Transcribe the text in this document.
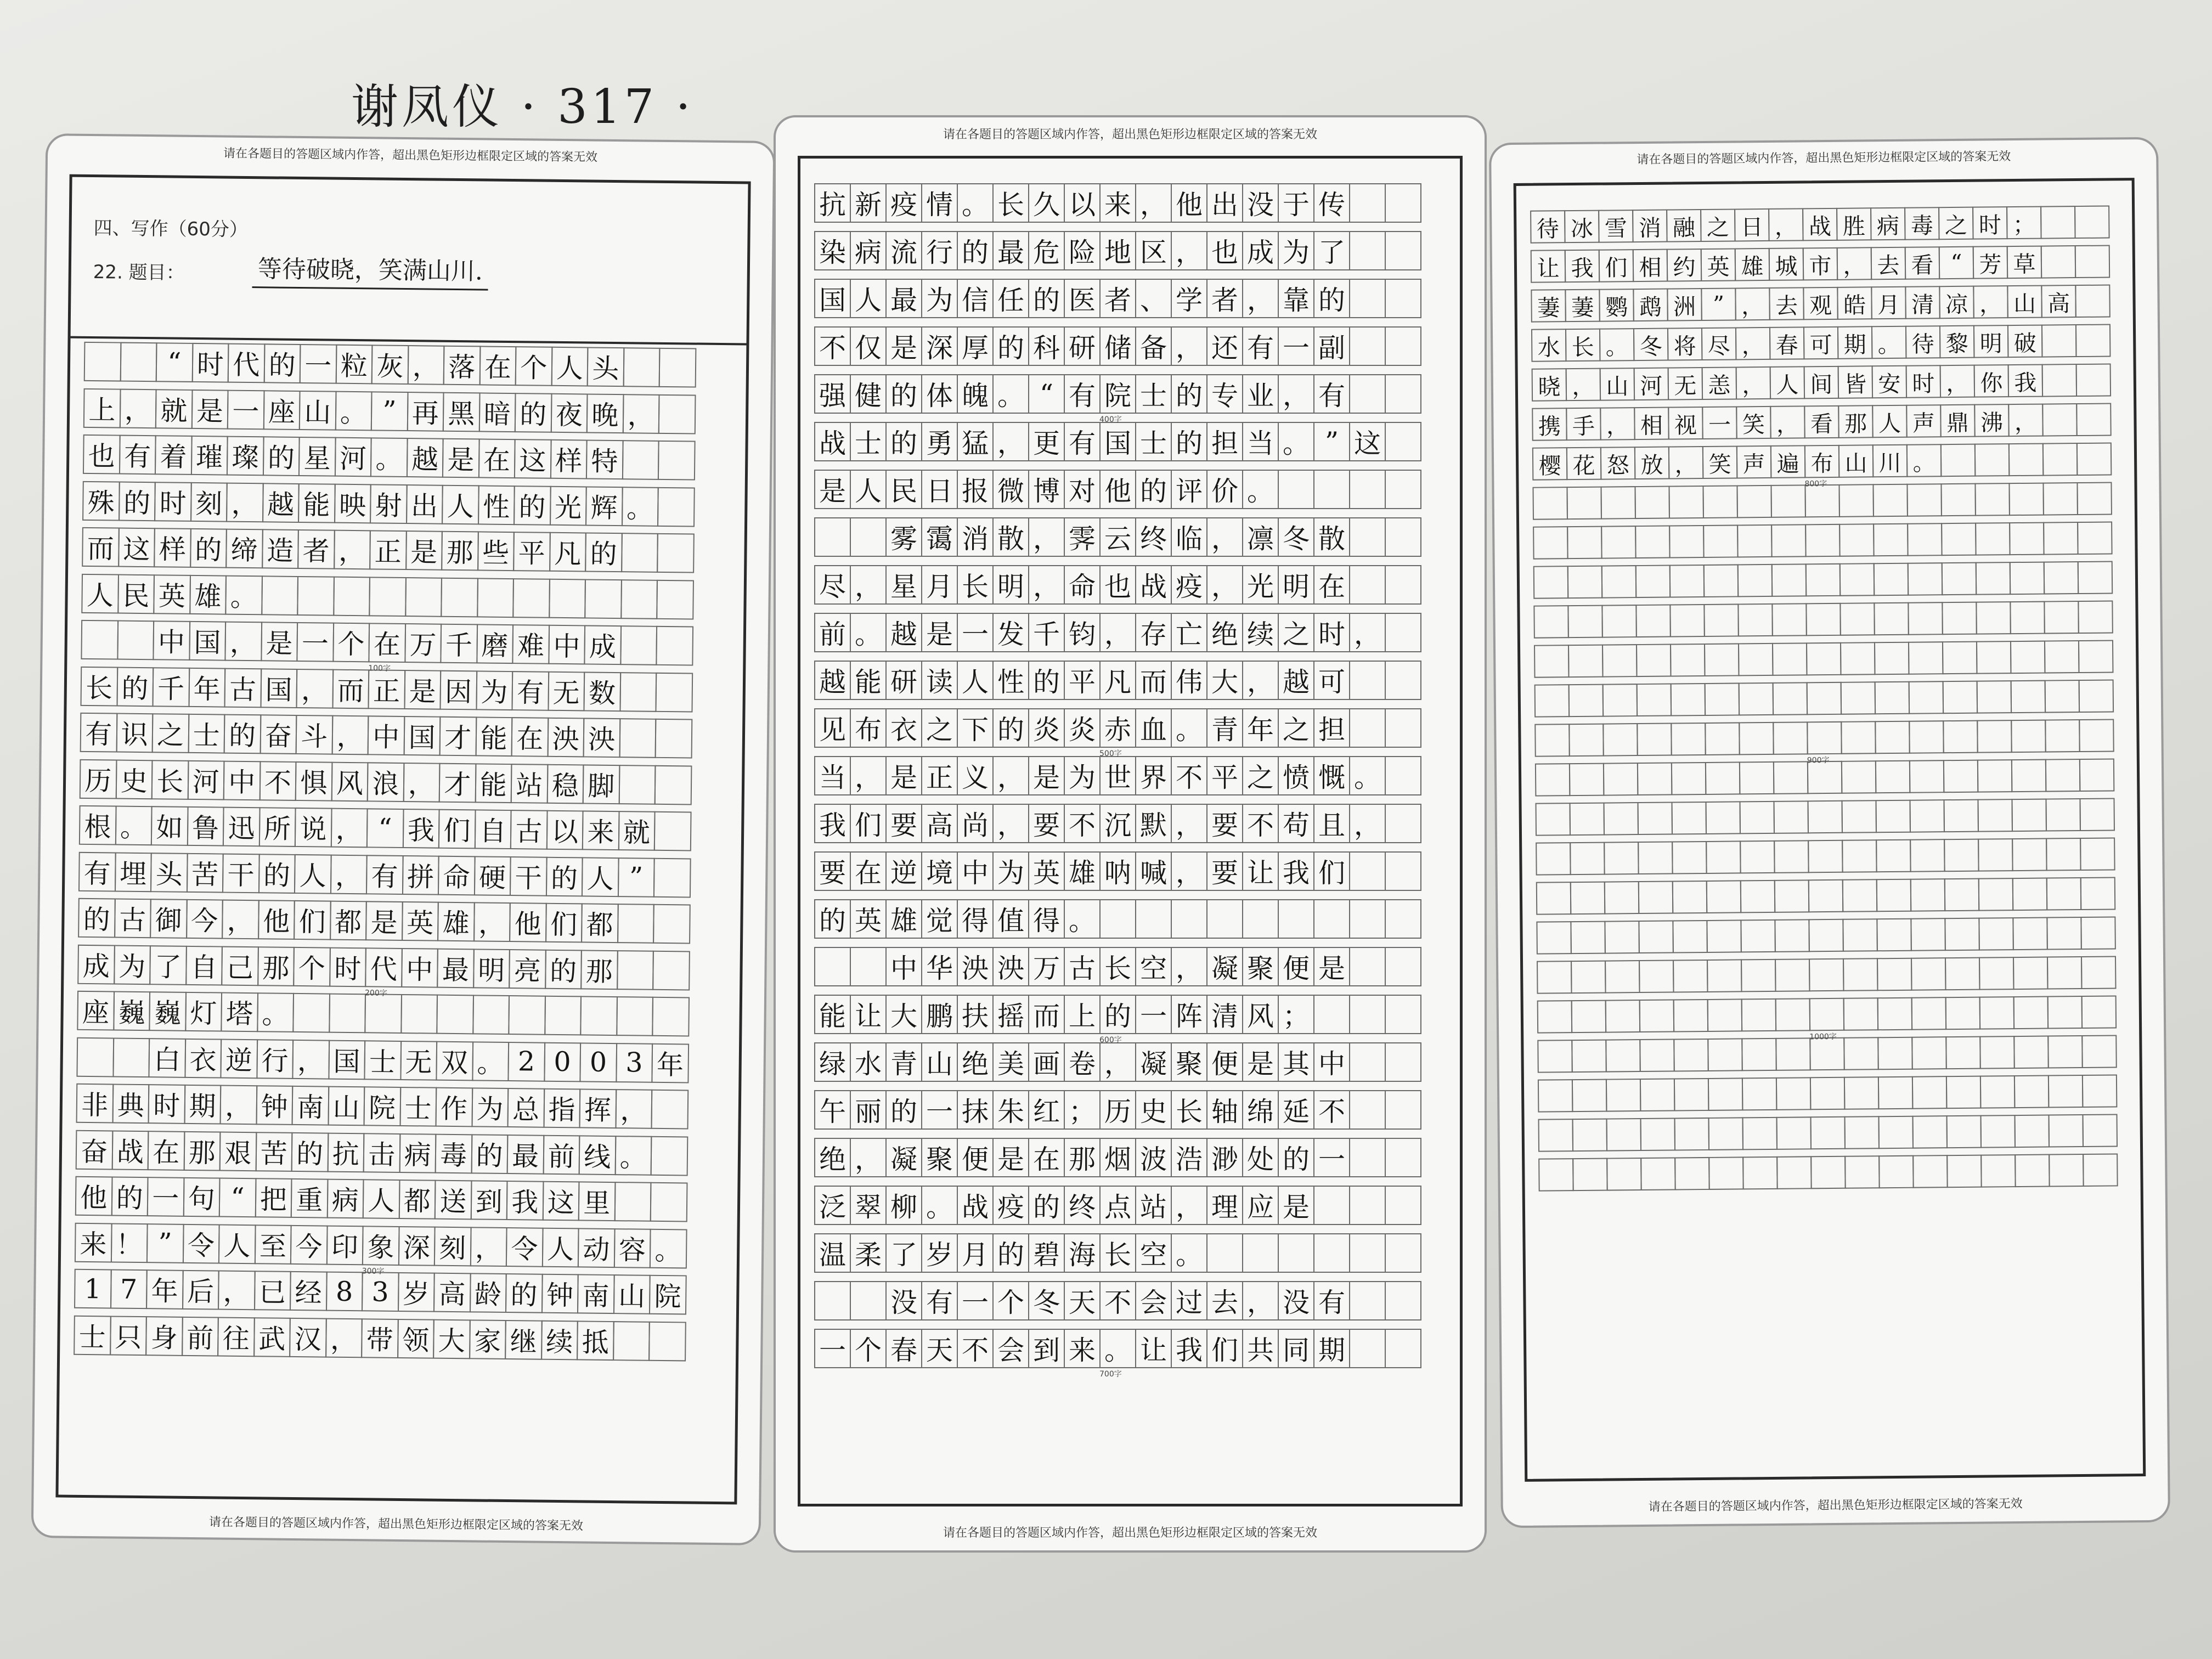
谢凤仪 · 317 ·
请在各题目的答题区域内作答，超出黑色矩形边框限定区域的答案无效
四、写作（60分）
22. 题目：	等待破晓，笑满山川.
“ 时 代 的 一 粒 灰 ， 落 在 个 人 头
上 ， 就 是 一 座 山 。 ” 再 黑 暗 的 夜 晚 ，
也 有 着 璀 璨 的 星 河 。 越 是 在 这 样 特
殊 的 时 刻 ， 越 能 映 射 出 人 性 的 光 辉 。
而 这 样 的 缔 造 者 ， 正 是 那 些 平 凡 的
人 民 英 雄 。
中 国 ， 是 一 个 在 万 千 磨 难 中 成
长 的 千 年 古 国 ， 而 正 是 因 为 有 无 数
有 识 之 士 的 奋 斗 ， 中 国 才 能 在 泱 泱
历 史 长 河 中 不 惧 风 浪 ， 才 能 站 稳 脚
根 。 如 鲁 迅 所 说 ， “ 我 们 自 古 以 来 就
有 埋 头 苦 干 的 人 ， 有 拼 命 硬 干 的 人 ”
的 古 御 今 ， 他 们 都 是 英 雄 ， 他 们 都
成 为 了 自 己 那 个 时 代 中 最 明 亮 的 那
座 巍 巍 灯 塔 。
白 衣 逆 行 ， 国 士 无 双 。 2 0 0 3 年
非 典 时 期 ， 钟 南 山 院 士 作 为 总 指 挥 ，
奋 战 在 那 艰 苦 的 抗 击 病 毒 的 最 前 线 。
他 的 一 句 “ 把 重 病 人 都 送 到 我 这 里
来 ！ ” 令 人 至 今 印 象 深 刻 ， 令 人 动 容 。
1 7 年 后 ， 已 经 8 3 岁 高 龄 的 钟 南 山 院
士 只 身 前 往 武 汉 ， 带 领 大 家 继 续 抵
100字
200字
300字
请在各题目的答题区域内作答，超出黑色矩形边框限定区域的答案无效
请在各题目的答题区域内作答，超出黑色矩形边框限定区域的答案无效
抗 新 疫 情 。 长 久 以 来 ， 他 出 没 于 传
染 病 流 行 的 最 危 险 地 区 ， 也 成 为 了
国 人 最 为 信 任 的 医 者 、 学 者 ， 靠 的
不 仅 是 深 厚 的 科 研 储 备 ， 还 有 一 副
强 健 的 体 魄 。 “ 有 院 士 的 专 业 ， 有
战 士 的 勇 猛 ， 更 有 国 士 的 担 当 。 ” 这
是 人 民 日 报 微 博 对 他 的 评 价 。
雾 霭 消 散 ， 霁 云 终 临 ， 凛 冬 散
尽 ， 星 月 长 明 ， 命 也 战 疫 ， 光 明 在
前 。 越 是 一 发 千 钧 ， 存 亡 绝 续 之 时 ，
越 能 研 读 人 性 的 平 凡 而 伟 大 ， 越 可
见 布 衣 之 下 的 炎 炎 赤 血 。 青 年 之 担
当 ， 是 正 义 ， 是 为 世 界 不 平 之 愤 慨 。
我 们 要 高 尚 ， 要 不 沉 默 ， 要 不 苟 且 ，
要 在 逆 境 中 为 英 雄 呐 喊 ， 要 让 我 们
的 英 雄 觉 得 值 得 。
中 华 泱 泱 万 古 长 空 ， 凝 聚 便 是
能 让 大 鹏 扶 摇 而 上 的 一 阵 清 风 ；
绿 水 青 山 绝 美 画 卷 ， 凝 聚 便 是 其 中
午 丽 的 一 抹 朱 红 ； 历 史 长 轴 绵 延 不
绝 ， 凝 聚 便 是 在 那 烟 波 浩 渺 处 的 一
泛 翠 柳 。 战 疫 的 终 点 站 ， 理 应 是
温 柔 了 岁 月 的 碧 海 长 空 。
没 有 一 个 冬 天 不 会 过 去 ， 没 有
一 个 春 天 不 会 到 来 。 让 我 们 共 同 期
400字
500字
600字
700字
请在各题目的答题区域内作答，超出黑色矩形边框限定区域的答案无效
请在各题目的答题区域内作答，超出黑色矩形边框限定区域的答案无效
待 冰 雪 消 融 之 日 ， 战 胜 病 毒 之 时 ；
让 我 们 相 约 英 雄 城 市 ， 去 看 “ 芳 草
萋 萋 鹦 鹉 洲 ” ， 去 观 皓 月 清 凉 ， 山 高
水 长 。 冬 将 尽 ， 春 可 期 。 待 黎 明 破
晓 ， 山 河 无 恙 ， 人 间 皆 安 时 ， 你 我
携 手 ， 相 视 一 笑 ， 看 那 人 声 鼎 沸 ，
樱 花 怒 放 ， 笑 声 遍 布 山 川 。
800字
900字
1000字
请在各题目的答题区域内作答，超出黑色矩形边框限定区域的答案无效
